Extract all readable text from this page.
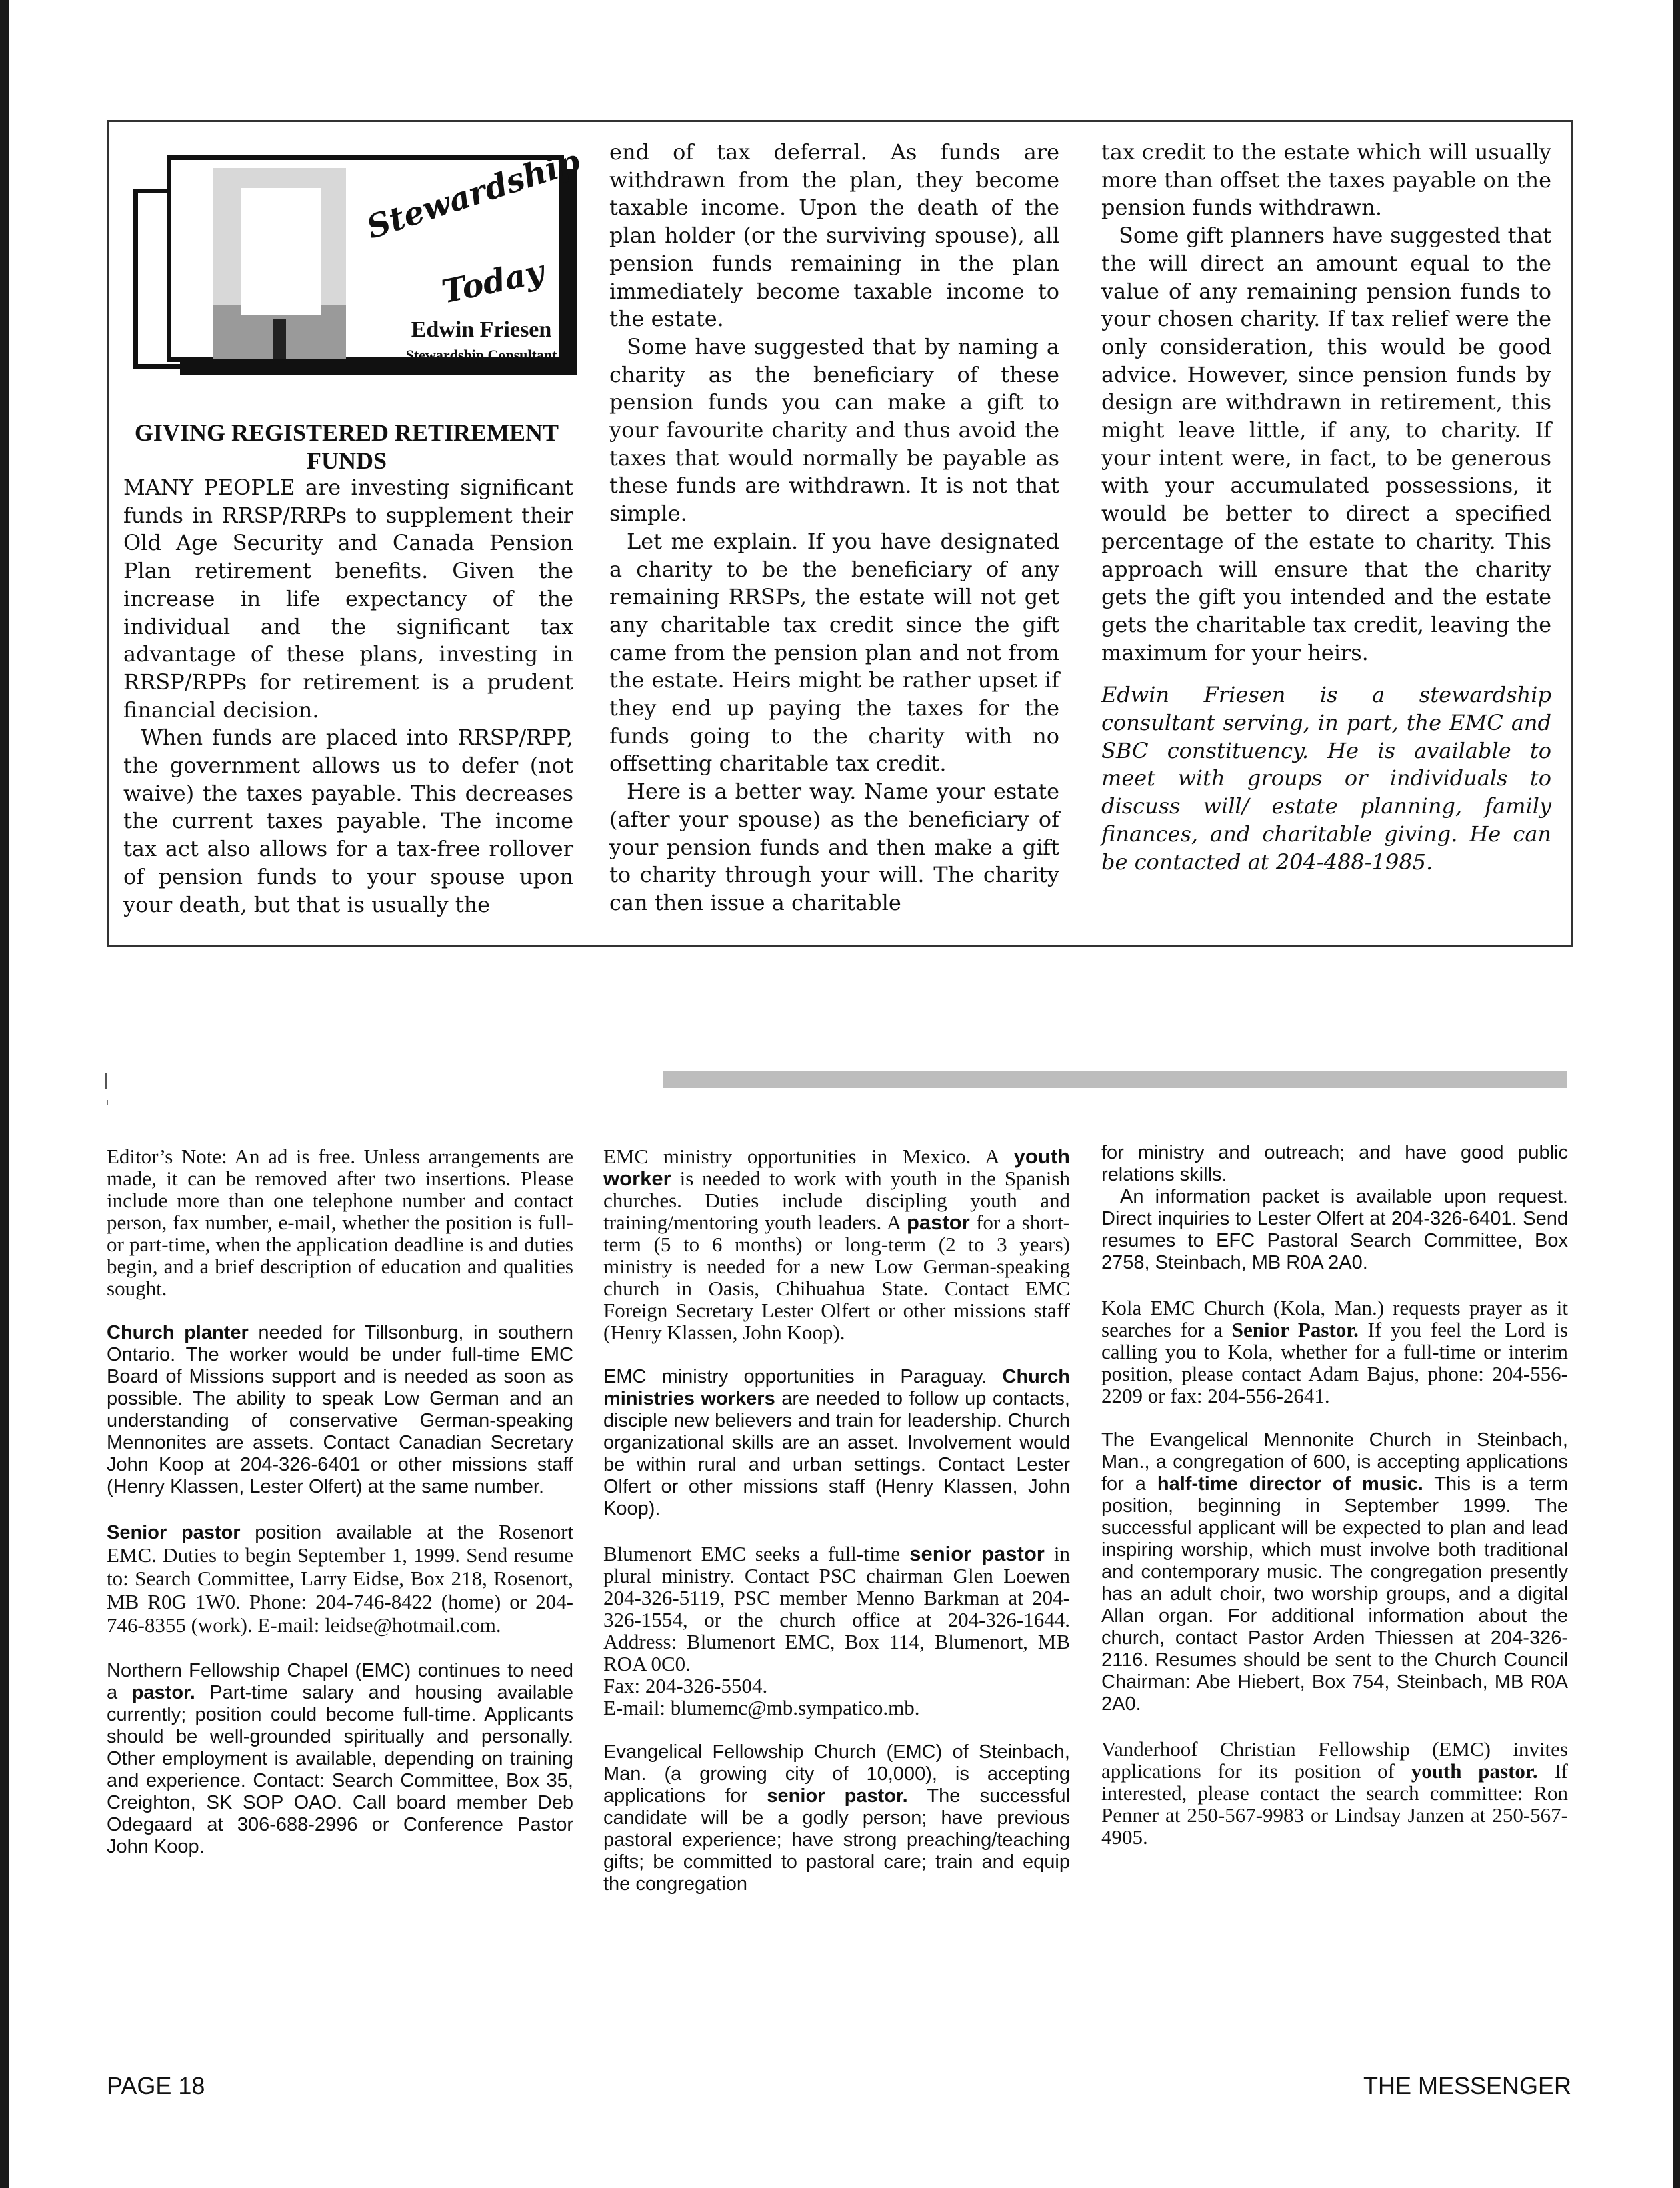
Stewardship
Today
Edwin Friesen
Stewardship Consultant
GIVING REGISTERED RETIREMENT FUNDS

MANY PEOPLE are investing significant funds in RRSP/RRPs to supplement their Old Age Security and Canada Pension Plan retirement benefits. Given the increase in life expectancy of the individual and the significant tax advantage of these plans, investing in RRSP/RPPs for retirement is a prudent financial decision.

When funds are placed into RRSP/RPP, the government allows us to defer (not waive) the taxes payable. This decreases the current taxes payable. The income tax act also allows for a tax-free rollover of pension funds to your spouse upon your death, but that is usually the

end of tax deferral. As funds are withdrawn from the plan, they become taxable income. Upon the death of the plan holder (or the surviving spouse), all pension funds remaining in the plan immediately become taxable income to the estate.

Some have suggested that by naming a charity as the beneficiary of these pension funds you can make a gift to your favourite charity and thus avoid the taxes that would normally be payable as these funds are withdrawn. It is not that simple.

Let me explain. If you have designated a charity to be the beneficiary of any remaining RRSPs, the estate will not get any charitable tax credit since the gift came from the pension plan and not from the estate. Heirs might be rather upset if they end up paying the taxes for the funds going to the charity with no offsetting charitable tax credit.

Here is a better way. Name your estate (after your spouse) as the beneficiary of your pension funds and then make a gift to charity through your will. The charity can then issue a charitable

tax credit to the estate which will usually more than offset the taxes payable on the pension funds withdrawn.

Some gift planners have suggested that the will direct an amount equal to the value of any remaining pension funds to your chosen charity. If tax relief were the only consideration, this would be good advice. However, since pension funds by design are withdrawn in retirement, this might leave little, if any, to charity. If your intent were, in fact, to be generous with your accumulated possessions, it would be better to direct a specified percentage of the estate to charity. This approach will ensure that the charity gets the gift you intended and the estate gets the charitable tax credit, leaving the maximum for your heirs.

Edwin Friesen is a stewardship consultant serving, in part, the EMC and SBC constituency. He is available to meet with groups or individuals to discuss will/ estate planning, family finances, and charitable giving. He can be contacted at 204-488-1985.

Editor’s Note: An ad is free. Unless arrangements are made, it can be removed after two insertions. Please include more than one telephone number and contact person, fax number, e-mail, whether the position is full- or part-time, when the application deadline is and duties begin, and a brief description of education and qualities sought.

Church planter needed for Tillsonburg, in southern Ontario. The worker would be under full-time EMC Board of Missions support and is needed as soon as possible. The ability to speak Low German and an understanding of conservative German-speaking Mennonites are assets. Contact Canadian Secretary John Koop at 204-326-6401 or other missions staff (Henry Klassen, Lester Olfert) at the same number.

Senior pastor position available at the Rosenort EMC. Duties to begin September 1, 1999. Send resume to: Search Committee, Larry Eidse, Box 218, Rosenort, MB R0G 1W0. Phone: 204-746-8422 (home) or 204-746-8355 (work). E-mail: leidse@hotmail.com.

Northern Fellowship Chapel (EMC) continues to need a pastor. Part-time salary and housing available currently; position could become full-time. Applicants should be well-grounded spiritually and personally. Other employment is available, depending on training and experience. Contact: Search Committee, Box 35, Creighton, SK SOP OAO. Call board member Deb Odegaard at 306-688-2996 or Conference Pastor John Koop.

EMC ministry opportunities in Mexico. A youth worker is needed to work with youth in the Spanish churches. Duties include discipling youth and training/mentoring youth leaders. A pastor for a short-term (5 to 6 months) or long-term (2 to 3 years) ministry is needed for a new Low German-speaking church in Oasis, Chihuahua State. Contact EMC Foreign Secretary Lester Olfert or other missions staff (Henry Klassen, John Koop).

EMC ministry opportunities in Paraguay. Church ministries workers are needed to follow up contacts, disciple new believers and train for leadership. Church organizational skills are an asset. Involvement would be within rural and urban settings. Contact Lester Olfert or other missions staff (Henry Klassen, John Koop).

Blumenort EMC seeks a full-time senior pastor in plural ministry. Contact PSC chairman Glen Loewen 204-326-5119, PSC member Menno Barkman at 204-326-1554, or the church office at 204-326-1644. Address: Blumenort EMC, Box 114, Blumenort, MB ROA 0C0.
Fax: 204-326-5504.
E-mail: blumemc@mb.sympatico.mb.

Evangelical Fellowship Church (EMC) of Steinbach, Man. (a growing city of 10,000), is accepting applications for senior pastor. The successful candidate will be a godly person; have previous pastoral experience; have strong preaching/teaching gifts; be committed to pastoral care; train and equip the congregation

for ministry and outreach; and have good public relations skills.

An information packet is available upon request. Direct inquiries to Lester Olfert at 204-326-6401. Send resumes to EFC Pastoral Search Committee, Box 2758, Steinbach, MB R0A 2A0.

Kola EMC Church (Kola, Man.) requests prayer as it searches for a Senior Pastor. If you feel the Lord is calling you to Kola, whether for a full-time or interim position, please contact Adam Bajus, phone: 204-556-2209 or fax: 204-556-2641.

The Evangelical Mennonite Church in Steinbach, Man., a congregation of 600, is accepting applications for a half-time director of music. This is a term position, beginning in September 1999. The successful applicant will be expected to plan and lead inspiring worship, which must involve both traditional and contemporary music. The congregation presently has an adult choir, two worship groups, and a digital Allan organ. For additional information about the church, contact Pastor Arden Thiessen at 204-326-2116. Resumes should be sent to the Church Council Chairman: Abe Hiebert, Box 754, Steinbach, MB R0A 2A0.

Vanderhoof Christian Fellowship (EMC) invites applications for its position of youth pastor. If interested, please contact the search committee: Ron Penner at 250-567-9983 or Lindsay Janzen at 250-567-4905.

PAGE 18	THE MESSENGER
